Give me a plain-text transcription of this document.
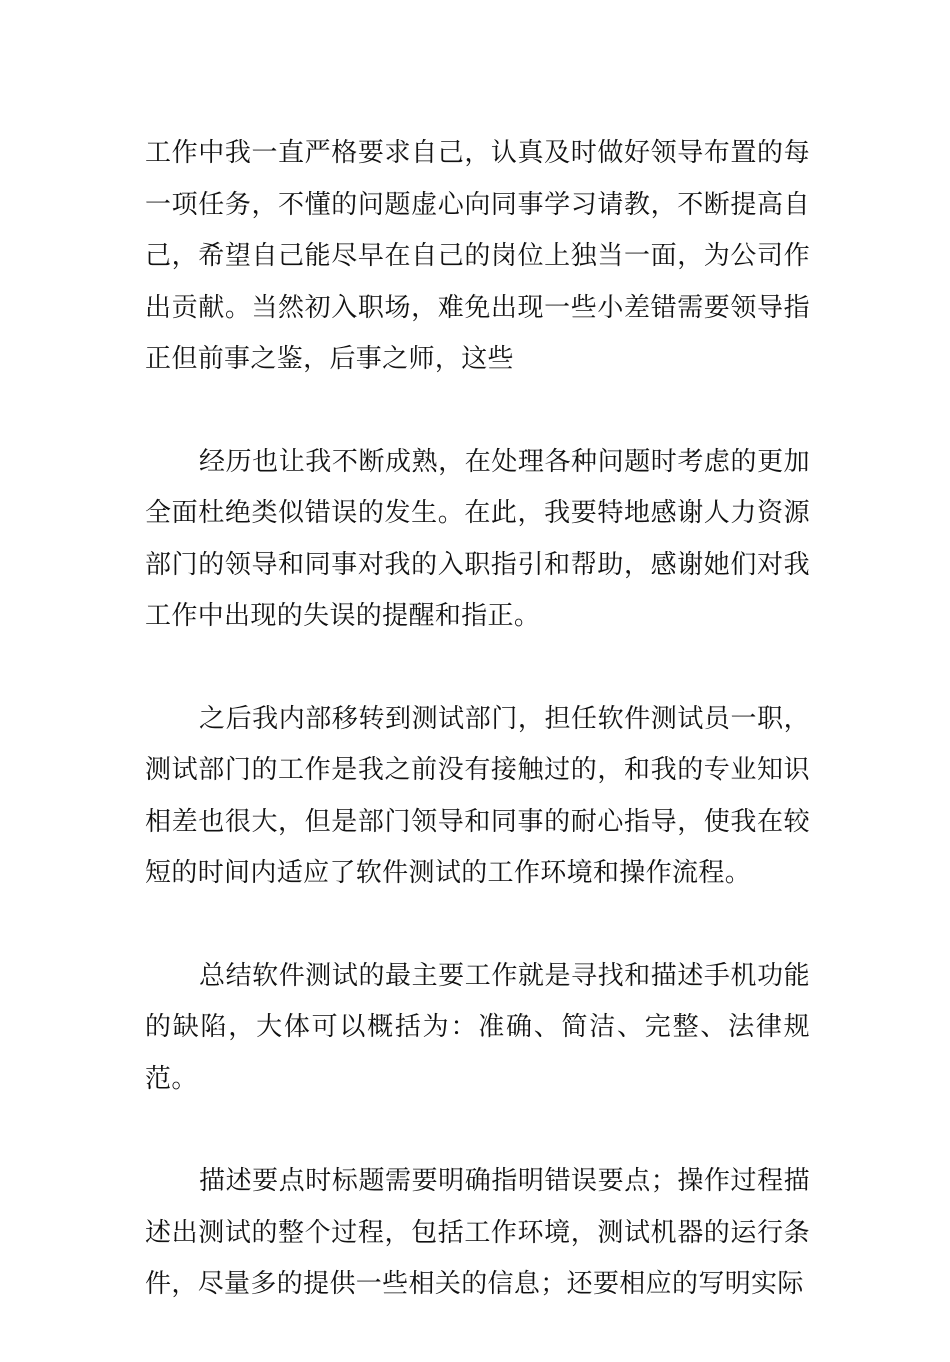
工作中我一直严格要求自己，认真及时做好领导布置的每一项任务，不懂的问题虚心向同事学习请教，不断提高自己，希望自己能尽早在自己的岗位上独当一面，为公司作出贡献。当然初入职场，难免出现一些小差错需要领导指正但前事之鉴，后事之师，这些

经历也让我不断成熟，在处理各种问题时考虑的更加全面杜绝类似错误的发生。在此，我要特地感谢人力资源部门的领导和同事对我的入职指引和帮助，感谢她们对我工作中出现的失误的提醒和指正。

之后我内部移转到测试部门，担任软件测试员一职，测试部门的工作是我之前没有接触过的，和我的专业知识相差也很大，但是部门领导和同事的耐心指导，使我在较短的时间内适应了软件测试的工作环境和操作流程。

总结软件测试的最主要工作就是寻找和描述手机功能的缺陷，大体可以概括为：准确、简洁、完整、法律规范。

描述要点时标题需要明确指明错误要点；操作过程描述出测试的整个过程，包括工作环境，测试机器的运行条件，尽量多的提供一些相关的信息；还要相应的写明实际
